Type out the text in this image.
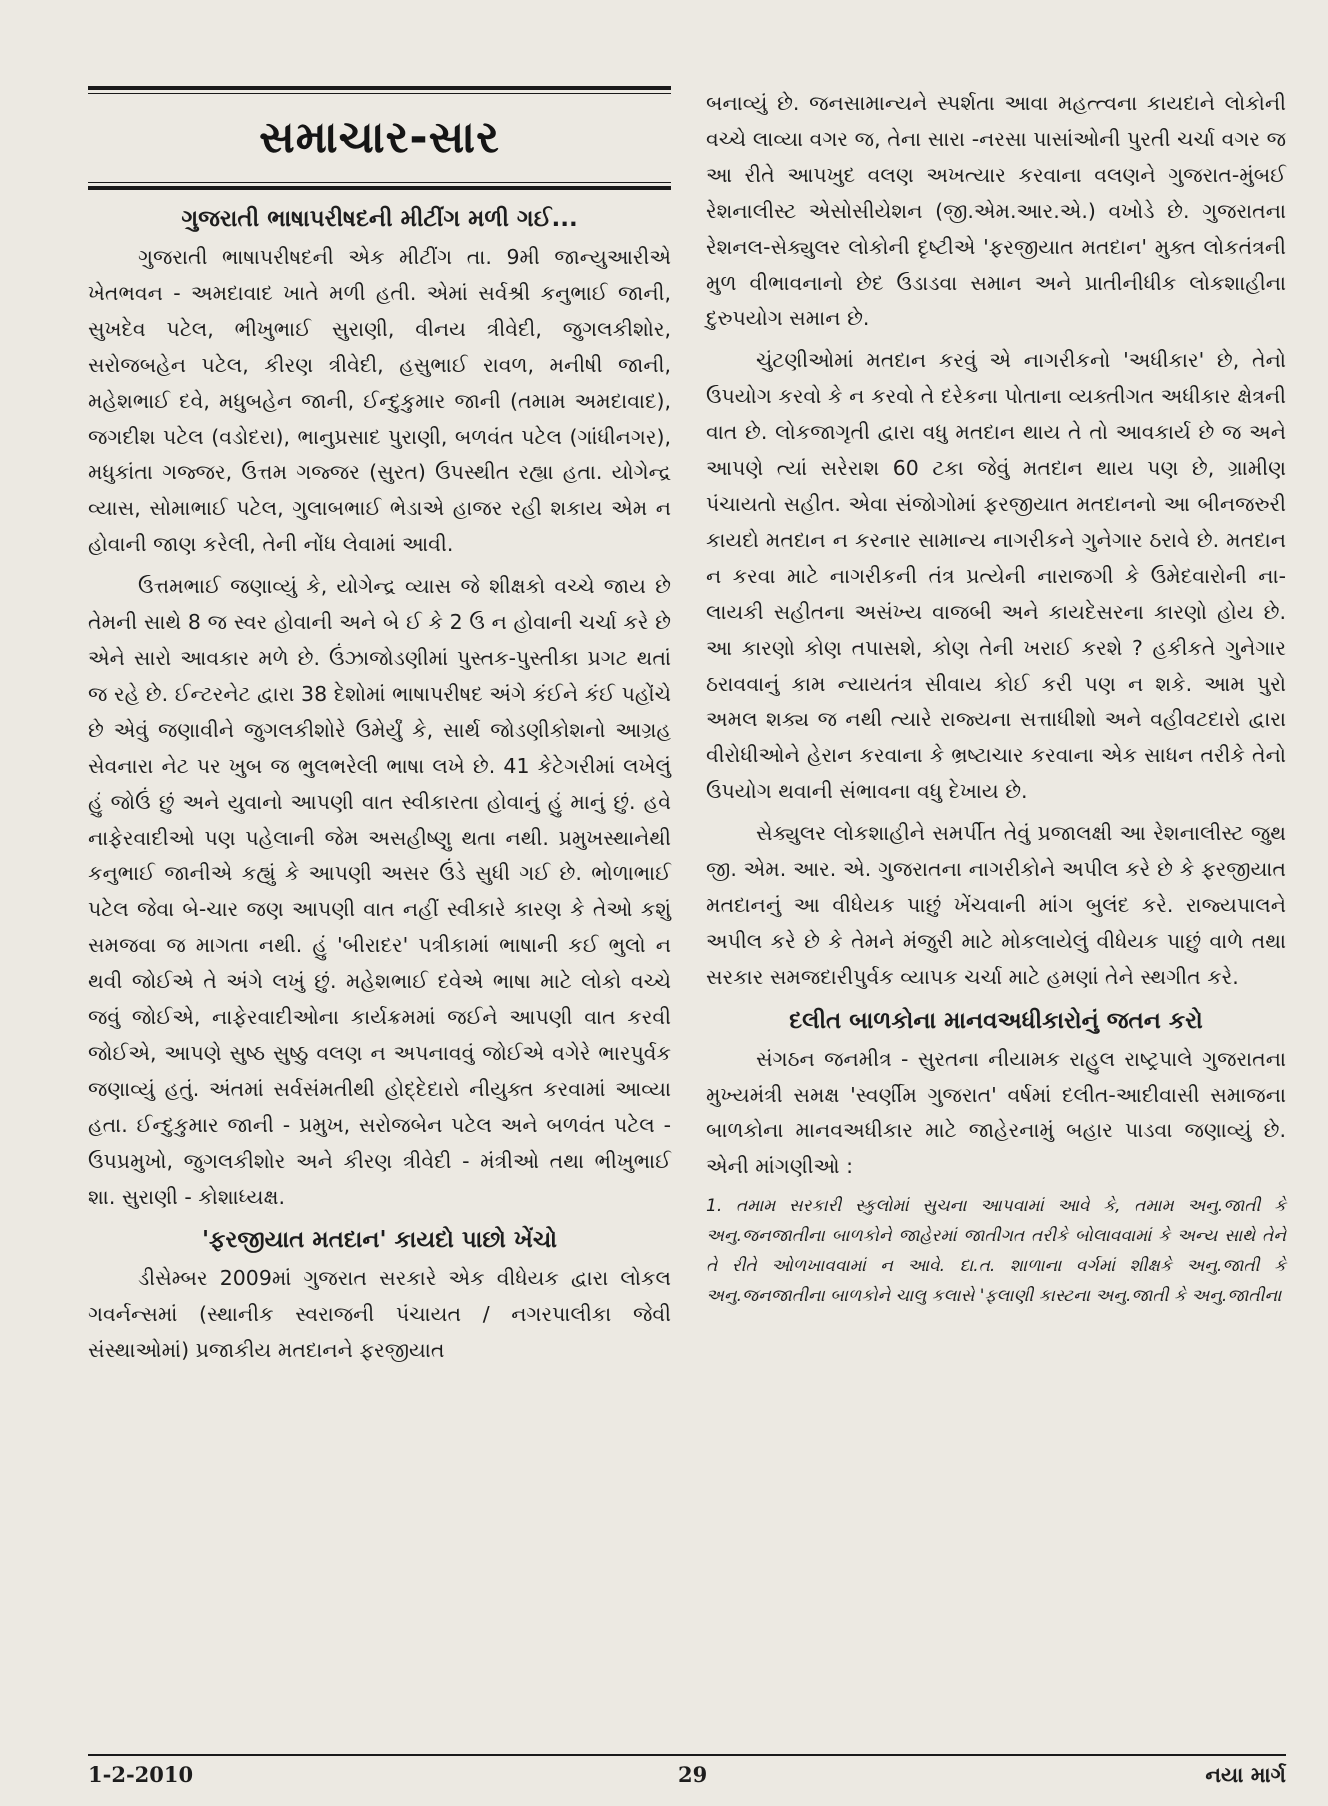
સમાચાર-સાર
ગુજરાતી ભાષાપરીષદની મીટીંગ મળી ગઈ...

ગુજરાતી ભાષાપરીષદની એક મીટીંગ તા. 9મી જાન્યુઆરીએ ખેતભવન - અમદાવાદ ખાતે મળી હતી. એમાં સર્વશ્રી કનુભાઈ જાની, સુખદેવ પટેલ, ભીખુભાઈ સુરાણી, વીનય ત્રીવેદી, જુગલકીશોર, સરોજબહેન પટેલ, કીરણ ત્રીવેદી, હસુભાઈ રાવળ, મનીષી જાની, મહેશભાઈ દવે, મધુબહેન જાની, ઈન્દુકુમાર જાની (તમામ અમદાવાદ), જગદીશ પટેલ (વડોદરા), ભાનુપ્રસાદ પુરાણી, બળવંત પટેલ (ગાંધીનગર), મધુકાંતા ગજ્જર, ઉત્તમ ગજ્જર (સુરત) ઉપસ્થીત રહ્યા હતા. યોગેન્દ્ર વ્યાસ, સોમાભાઈ પટેલ, ગુલાબભાઈ ભેડાએ હાજર રહી શકાય એમ ન હોવાની જાણ કરેલી, તેની નોંધ લેવામાં આવી.

ઉત્તમભાઈ જણાવ્યું કે, યોગેન્દ્ર વ્યાસ જે શીક્ષકો વચ્ચે જાય છે તેમની સાથે 8 જ સ્વર હોવાની અને બે ઈ કે 2 ઉ ન હોવાની ચર્ચા કરે છે એને સારો આવકાર મળે છે. ઉંઝાજોડણીમાં પુસ્તક-પુસ્તીકા પ્રગટ થતાં જ રહે છે. ઈન્ટરનેટ દ્વારા 38 દેશોમાં ભાષાપરીષદ અંગે કંઈને કંઈ પહોંચે છે એવું જણાવીને જુગલકીશોરે ઉમેર્યું કે, સાર્થ જોડણીકોશનો આગ્રહ સેવનારા નેટ પર ખુબ જ ભુલભરેલી ભાષા લખે છે. 41 કેટેગરીમાં લખેલું હું જોઉં છું અને યુવાનો આપણી વાત સ્વીકારતા હોવાનું હું માનું છું. હવે નાફેરવાદીઓ પણ પહેલાની જેમ અસહીષ્ણુ થતા નથી. પ્રમુખસ્થાનેથી કનુભાઈ જાનીએ કહ્યું કે આપણી અસર ઉંડે સુધી ગઈ છે. ભોળાભાઈ પટેલ જેવા બે-ચાર જણ આપણી વાત નહીં સ્વીકારે કારણ કે તેઓ કશું સમજવા જ માગતા નથી. હું 'બીરાદર' પત્રીકામાં ભાષાની કઈ ભુલો ન થવી જોઈએ તે અંગે લખું છું. મહેશભાઈ દવેએ ભાષા માટે લોકો વચ્ચે જવું જોઈએ, નાફેરવાદીઓના કાર્યક્રમમાં જઈને આપણી વાત કરવી જોઈએ, આપણે સુષ્ઠ સુષ્ઠુ વલણ ન અપનાવવું જોઈએ વગેરે ભારપુર્વક જણાવ્યું હતું. અંતમાં સર્વસંમતીથી હોદ્દેદારો નીયુક્ત કરવામાં આવ્યા હતા. ઈન્દુકુમાર જાની - પ્રમુખ, સરોજબેન પટેલ અને બળવંત પટેલ - ઉપપ્રમુખો, જુગલકીશોર અને કીરણ ત્રીવેદી - મંત્રીઓ તથા ભીખુભાઈ શા. સુરાણી - કોશાધ્યક્ષ.

'ફરજીયાત મતદાન' કાયદો પાછો ખેંચો

ડીસેમ્બર 2009માં ગુજરાત સરકારે એક વીધેયક દ્વારા લોકલ ગવર્નન્સમાં (સ્થાનીક સ્વરાજની પંચાયત / નગરપાલીકા જેવી સંસ્થાઓમાં) પ્રજાકીય મતદાનને ફરજીયાત

બનાવ્યું છે. જનસામાન્યને સ્પર્શતા આવા મહત્ત્વના કાયદાને લોકોની વચ્ચે લાવ્યા વગર જ, તેના સારા -નરસા પાસાંઓની પુરતી ચર્ચા વગર જ આ રીતે આપખુદ વલણ અખત્યાર કરવાના વલણને ગુજરાત-મુંબઈ રેશનાલીસ્ટ એસોસીયેશન (જી.એમ.આર.એ.) વખોડે છે. ગુજરાતના રેશનલ-સેક્યુલર લોકોની દૃષ્ટીએ 'ફરજીયાત મતદાન' મુક્ત લોકતંત્રની મુળ વીભાવનાનો છેદ ઉડાડવા સમાન અને પ્રાતીનીધીક લોકશાહીના દુરુપયોગ સમાન છે.

ચુંટણીઓમાં મતદાન કરવું એ નાગરીકનો 'અધીકાર' છે, તેનો ઉપયોગ કરવો કે ન કરવો તે દરેકના પોતાના વ્યક્તીગત અધીકાર ક્ષેત્રની વાત છે. લોકજાગૃતી દ્વારા વધુ મતદાન થાય તે તો આવકાર્ય છે જ અને આપણે ત્યાં સરેરાશ 60 ટકા જેવું મતદાન થાય પણ છે, ગ્રામીણ પંચાયતો સહીત. એવા સંજોગોમાં ફરજીયાત મતદાનનો આ બીનજરુરી કાયદો મતદાન ન કરનાર સામાન્ય નાગરીકને ગુનેગાર ઠરાવે છે. મતદાન ન કરવા માટે નાગરીકની તંત્ર પ્રત્યેની નારાજગી કે ઉમેદવારોની ના-લાયકી સહીતના અસંખ્ય વાજબી અને કાયદેસરના કારણો હોય છે. આ કારણો કોણ તપાસશે, કોણ તેની ખરાઈ કરશે ? હકીકતે ગુનેગાર ઠરાવવાનું કામ ન્યાયતંત્ર સીવાય કોઈ કરી પણ ન શકે. આમ પુરો અમલ શક્ય જ નથી ત્યારે રાજ્યના સત્તાધીશો અને વહીવટદારો દ્વારા વીરોધીઓને હેરાન કરવાના કે ભ્રષ્ટાચાર કરવાના એક સાધન તરીકે તેનો ઉપયોગ થવાની સંભાવના વધુ દેખાય છે.

સેક્યુલર લોકશાહીને સમર્પીત તેવું પ્રજાલક્ષી આ રેશનાલીસ્ટ જુથ જી. એમ. આર. એ. ગુજરાતના નાગરીકોને અપીલ કરે છે કે ફરજીયાત મતદાનનું આ વીધેયક પાછું ખેંચવાની માંગ બુલંદ કરે. રાજ્યપાલને અપીલ કરે છે કે તેમને મંજુરી માટે મોકલાયેલું વીધેયક પાછું વાળે તથા સરકાર સમજદારીપુર્વક વ્યાપક ચર્ચા માટે હમણાં તેને સ્થગીત કરે.

દલીત બાળકોના માનવઅધીકારોનું જતન કરો

સંગઠન જનમીત્ર - સુરતના નીયામક રાહુલ રાષ્ટ્રપાલે ગુજરાતના મુખ્યમંત્રી સમક્ષ 'સ્વર્ણીમ ગુજરાત' વર્ષમાં દલીત-આદીવાસી સમાજના બાળકોના માનવઅધીકાર માટે જાહેરનામું બહાર પાડવા જણાવ્યું છે. એની માંગણીઓ :

1. તમામ સરકારી સ્કુલોમાં સુચના આપવામાં આવે કે, તમામ અનુ.જાતી કે અનુ.જનજાતીના બાળકોને જાહેરમાં જાતીગત તરીકે બોલાવવામાં કે અન્ય સાથે તેને તે રીતે ઓળખાવવામાં ન આવે. દા.ત. શાળાના વર્ગમાં શીક્ષકે અનુ.જાતી કે અનુ.જનજાતીના બાળકોને ચાલુ કલાસે 'ફલાણી કાસ્ટના અનુ.જાતી કે અનુ.જાતીના

1-2-2010	29	નયા માર્ગ
